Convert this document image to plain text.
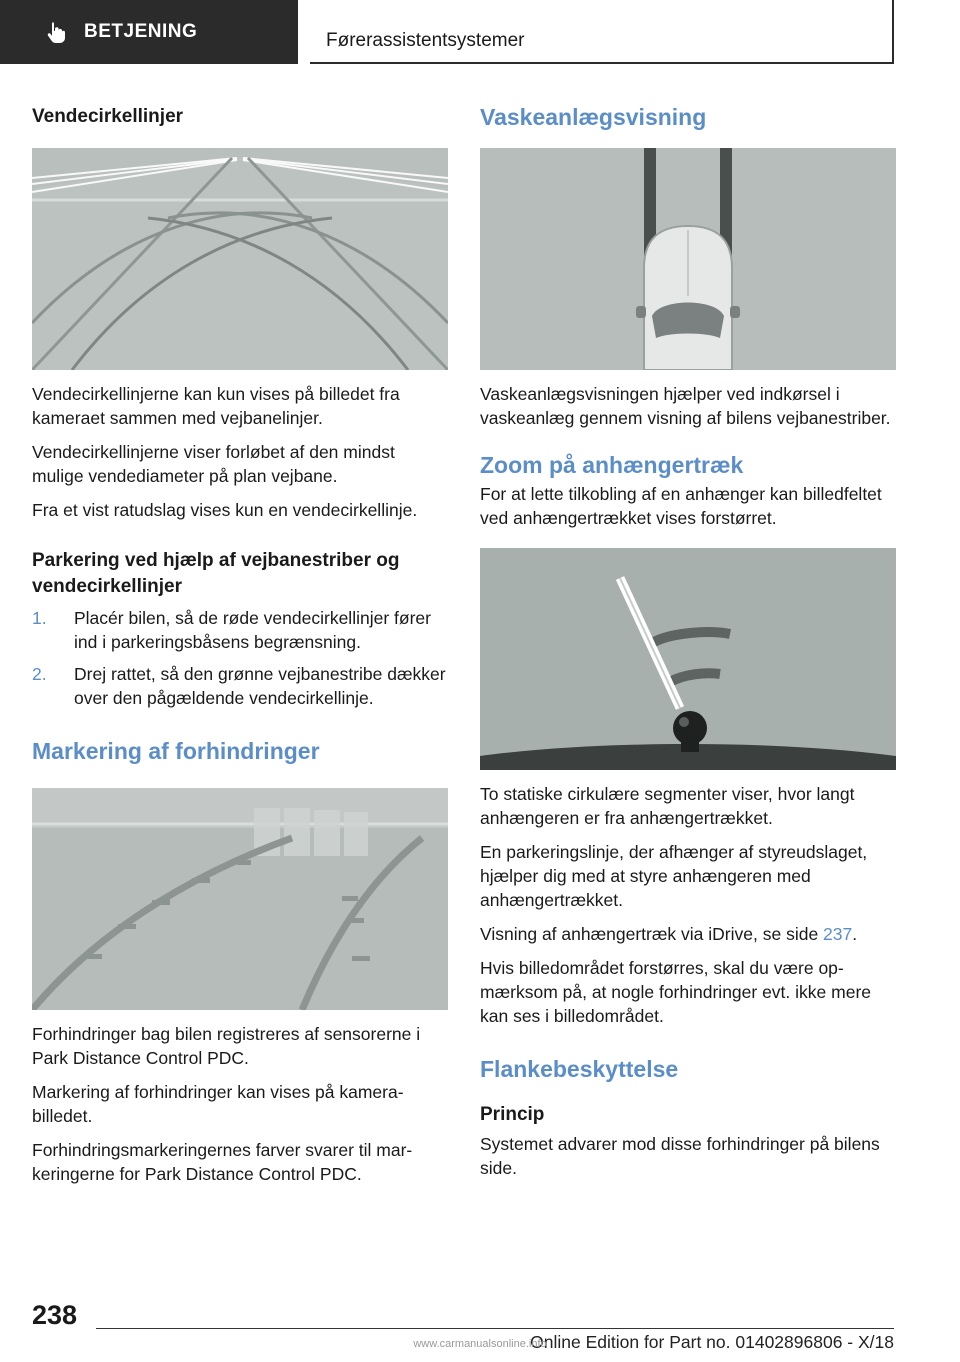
BETJENING	Førerassistentsystemer
Vendecirkellinjer

Vendecirkellinjerne kan kun vises på billedet fra kameraet sammen med vejbanelinjer.

Vendecirkellinjerne viser forløbet af den mindst mulige vendediameter på plan vejbane.

Fra et vist ratudslag vises kun en vendecirkellinje.

Parkering ved hjælp af vejbanestriber og vendecirkellinjer
1. Placér bilen, så de røde vendecirkellinjer fører ind i parkeringsbåsens begrænsning.
2. Drej rattet, så den grønne vejbanestribe dækker over den pågældende vendecirkellinje.
Markering af forhindringer

Forhindringer bag bilen registreres af sensorerne i Park Distance Control PDC.

Markering af forhindringer kan vises på kamerabilledet.

Forhindringsmarkeringernes farver svarer til markeringerne for Park Distance Control PDC.

Vaskeanlægsvisning

Vaskeanlægsvisningen hjælper ved indkørsel i vaskeanlæg gennem visning af bilens vejbanestriber.

Zoom på anhængertræk

For at lette tilkobling af en anhænger kan billedfeltet ved anhængertrækket vises forstørret.

To statiske cirkulære segmenter viser, hvor langt anhængeren er fra anhængertrækket.

En parkeringslinje, der afhænger af styreudslaget, hjælper dig med at styre anhængeren med anhængertrækket.

Visning af anhængertræk via iDrive, se side 237.

Hvis billedområdet forstørres, skal du være opmærksom på, at nogle forhindringer evt. ikke mere kan ses i billedområdet.

Flankebeskyttelse
Princip

Systemet advarer mod disse forhindringer på bilens side.

238
Online Edition for Part no. 01402896806 - X/18
www.carmanualsonline.info
